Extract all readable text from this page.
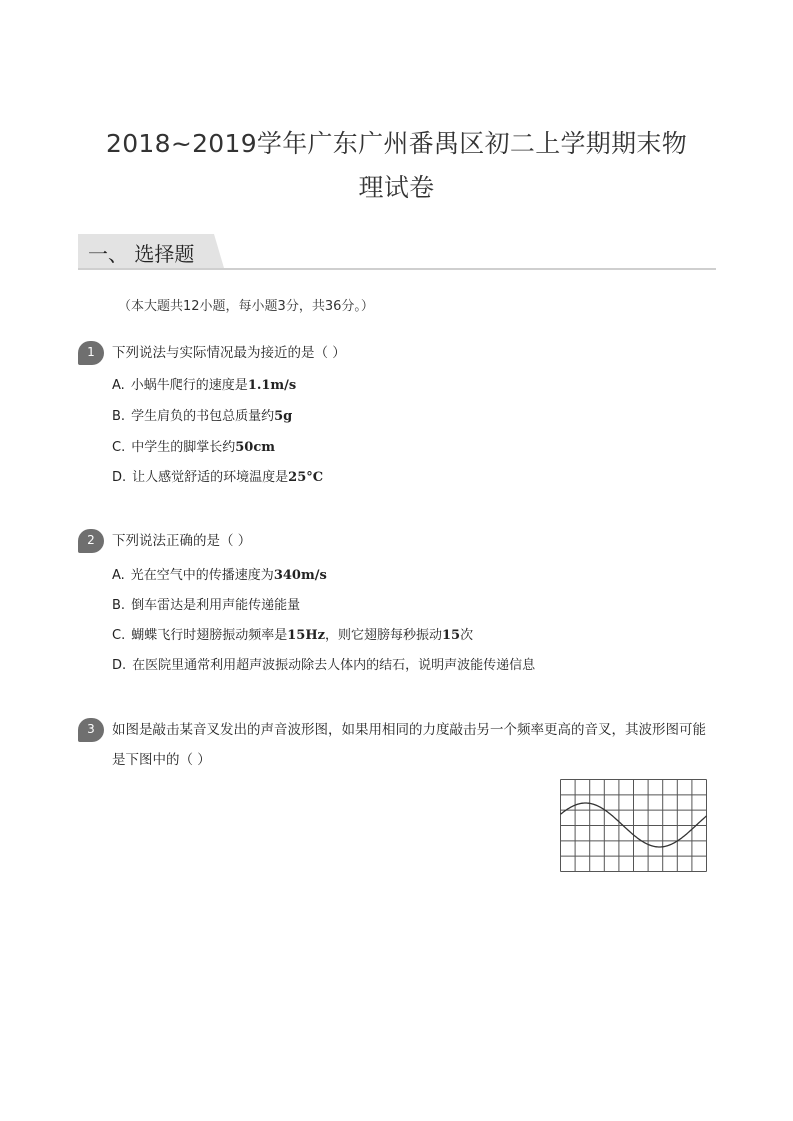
2018~2019学年广东广州番禺区初二上学期期末物
理试卷
一、 选择题
（本大题共12小题，每小题3分，共36分。）
1	下列说法与实际情况最为接近的是（ ）
A. 小蜗牛爬行的速度是1.1m/s
B. 学生肩负的书包总质量约5g
C. 中学生的脚掌长约50cm
D. 让人感觉舒适的环境温度是25°C
2	下列说法正确的是（ ）
A. 光在空气中的传播速度为340m/s
B. 倒车雷达是利用声能传递能量
C. 蝴蝶飞行时翅膀振动频率是15Hz，则它翅膀每秒振动15次
D. 在医院里通常利用超声波振动除去人体内的结石，说明声波能传递信息
3	如图是敲击某音叉发出的声音波形图，如果用相同的力度敲击另一个频率更高的音叉，其波形图可能是下图中的（ ）
